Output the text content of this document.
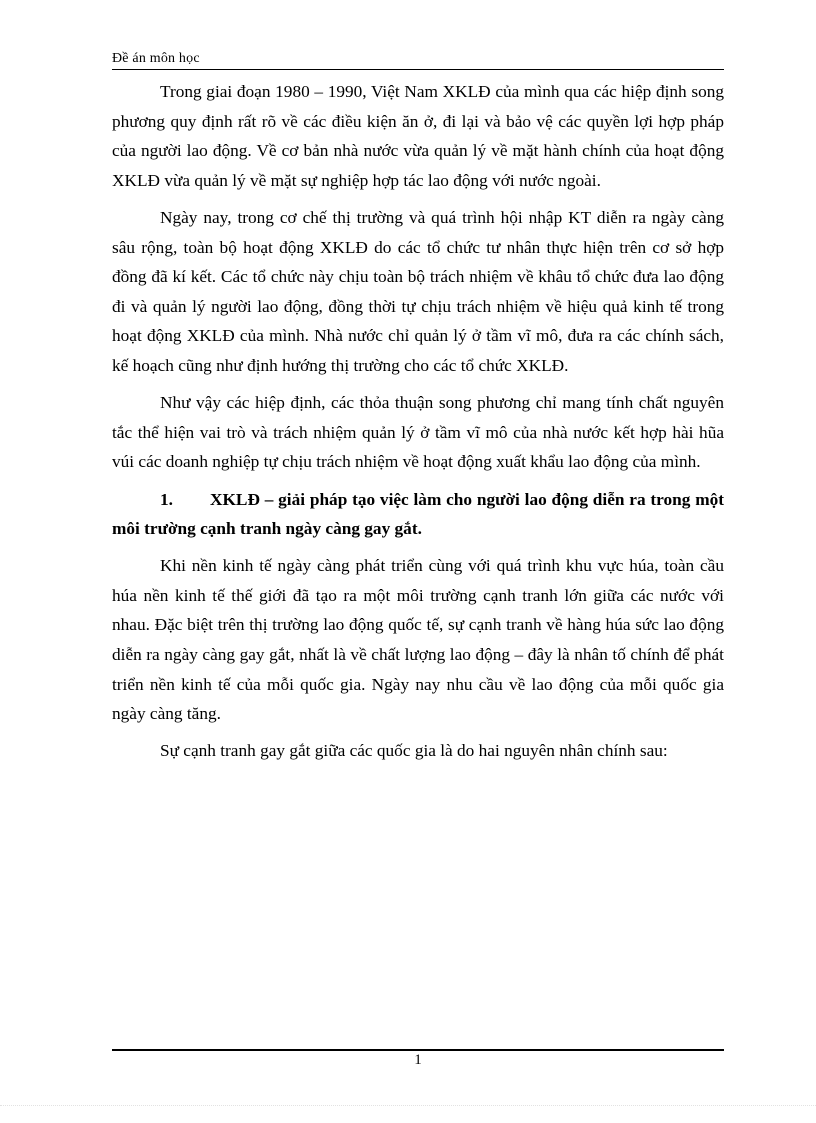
Đề án môn học

Trong giai đoạn 1980 – 1990, Việt Nam XKLĐ của mình qua các hiệp định song phương quy định rất rõ về các điều kiện ăn ở, đi lại và bảo vệ các quyền lợi hợp pháp của người lao động. Về cơ bản nhà nước vừa quản lý về mặt hành chính của hoạt động XKLĐ vừa quản lý về mặt sự nghiệp hợp tác lao động với nước ngoài.

Ngày nay, trong cơ chế thị trường và quá trình hội nhập KT diễn ra ngày càng sâu rộng, toàn bộ hoạt động XKLĐ do các tổ chức tư nhân thực hiện trên cơ sở hợp đồng đã kí kết. Các tổ chức này chịu toàn bộ trách nhiệm về khâu tổ chức đưa lao động đi và quản lý người lao động, đồng thời tự chịu trách nhiệm về hiệu quả kinh tế trong hoạt động XKLĐ của mình. Nhà nước chỉ quản lý ở tầm vĩ mô, đưa ra các chính sách, kế hoạch cũng như định hướng thị trường cho các tổ chức XKLĐ.

Như vậy các hiệp định, các thỏa thuận song phương chỉ mang tính chất nguyên tắc thể hiện vai trò và trách nhiệm quản lý ở tầm vĩ mô của nhà nước kết hợp hài hũa vúi các doanh nghiệp tự chịu trách nhiệm về hoạt động xuất khẩu lao động của mình.

1. XKLĐ – giải pháp tạo việc làm cho người lao động diễn ra trong một môi trường cạnh tranh ngày càng gay gắt.

Khi nền kinh tế ngày càng phát triển cùng với quá trình khu vực húa, toàn cầu húa nền kinh tế thế giới đã tạo ra một môi trường cạnh tranh lớn giữa các nước với nhau. Đặc biệt trên thị trường lao động quốc tế, sự cạnh tranh về hàng húa sức lao động diễn ra ngày càng gay gắt, nhất là về chất lượng lao động – đây là nhân tố chính để phát triển nền kinh tế của mỗi quốc gia. Ngày nay nhu cầu về lao động của mỗi quốc gia ngày càng tăng.

Sự cạnh tranh gay gắt giữa các quốc gia là do hai nguyên nhân chính sau:

1
